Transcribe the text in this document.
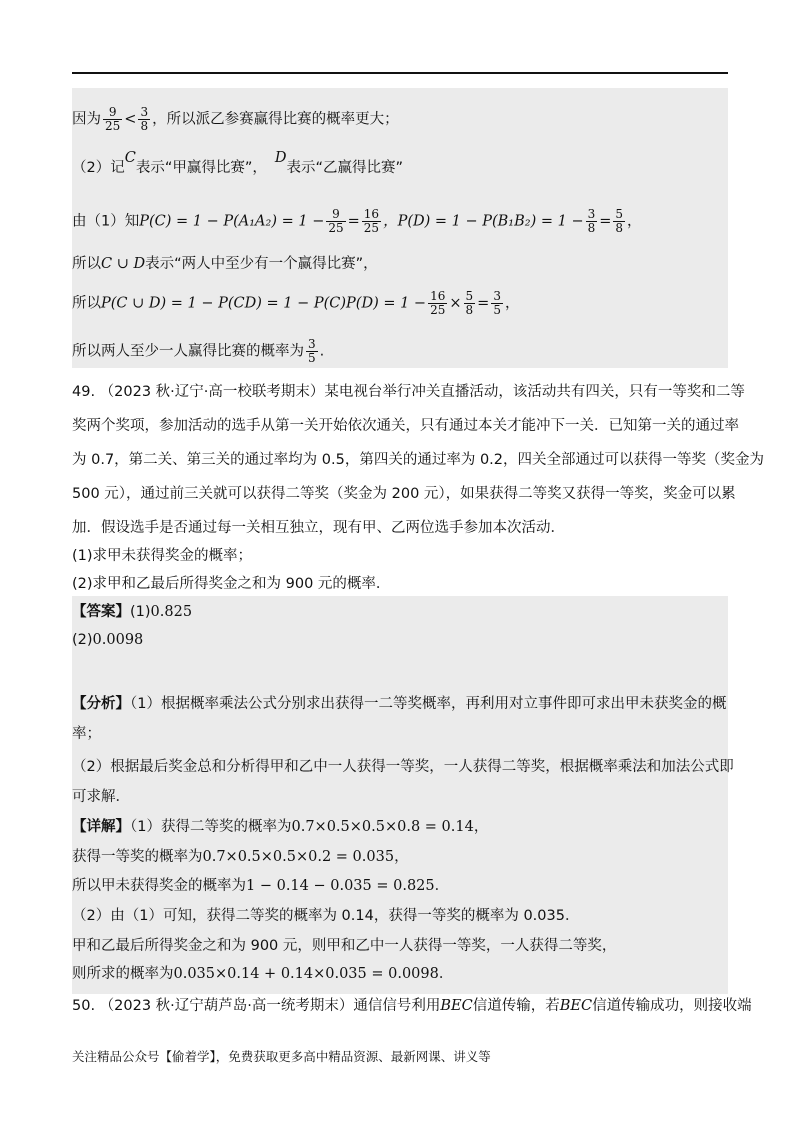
因为 $\frac{9}{25} < \frac{3}{8}$ ，所以派乙参赛赢得比赛的概率更大；
（2）记C表示“甲赢得比赛”，D表示“乙赢得比赛”
由（1）知$P(C) = 1 - P(A_1A_2) = 1 - \frac{9}{25} = \frac{16}{25}$ ，$P(D) = 1 - P(B_1B_2) = 1 - \frac{3}{8} = \frac{5}{8}$ ，
所以C ∪ D表示“两人中至少有一个赢得比赛”，
所以P(C ∪ $D) = 1 - P(CD) = 1 - P(C)P(D) = 1 - \frac{16}{25} \times \frac{5}{8} = \frac{3}{5}$ ，
所以两人至少一人赢得比赛的概率为 $\frac{3}{5}$ .
49. （2023 秋·辽宁·高一校联考期末）某电视台举行冲关直播活动，该活动共有四关，只有一等奖和二等
奖两个奖项，参加活动的选手从第一关开始依次通关，只有通过本关才能冲下一关．已知第一关的通过率
为 0.7，第二关、第三关的通过率均为 0.5，第四关的通过率为 0.2，四关全部通过可以获得一等奖（奖金为
500 元），通过前三关就可以获得二等奖（奖金为 200 元），如果获得二等奖又获得一等奖，奖金可以累
加．假设选手是否通过每一关相互独立，现有甲、乙两位选手参加本次活动．
(1)求甲未获得奖金的概率；
(2)求甲和乙最后所得奖金之和为 900 元的概率．
【答案】(1)0.825
(2)0.0098
【分析】（1）根据概率乘法公式分别求出获得一二等奖概率，再利用对立事件即可求出甲未获奖金的概
率；
（2）根据最后奖金总和分析得甲和乙中一人获得一等奖，一人获得二等奖，根据概率乘法和加法公式即
可求解．
【详解】（1）获得二等奖的概率为0.7×0.5×0.5×0.8 = 0.14，
获得一等奖的概率为0.7×0.5×0.5×0.2 = 0.035，
所以甲未获得奖金的概率为1 − 0.14 − 0.035 = 0.825．
（2）由（1）可知，获得二等奖的概率为 0.14，获得一等奖的概率为 0.035．
甲和乙最后所得奖金之和为 900 元，则甲和乙中一人获得一等奖，一人获得二等奖，
则所求的概率为0.035×0.14 + 0.14×0.035 = 0.0098．
50. （2023 秋·辽宁葫芦岛·高一统考期末）通信信号利用BEC信道传输，若BEC信道传输成功，则接收端
关注精品公众号【偷着学】，免费获取更多高中精品资源、最新网课、讲义等
